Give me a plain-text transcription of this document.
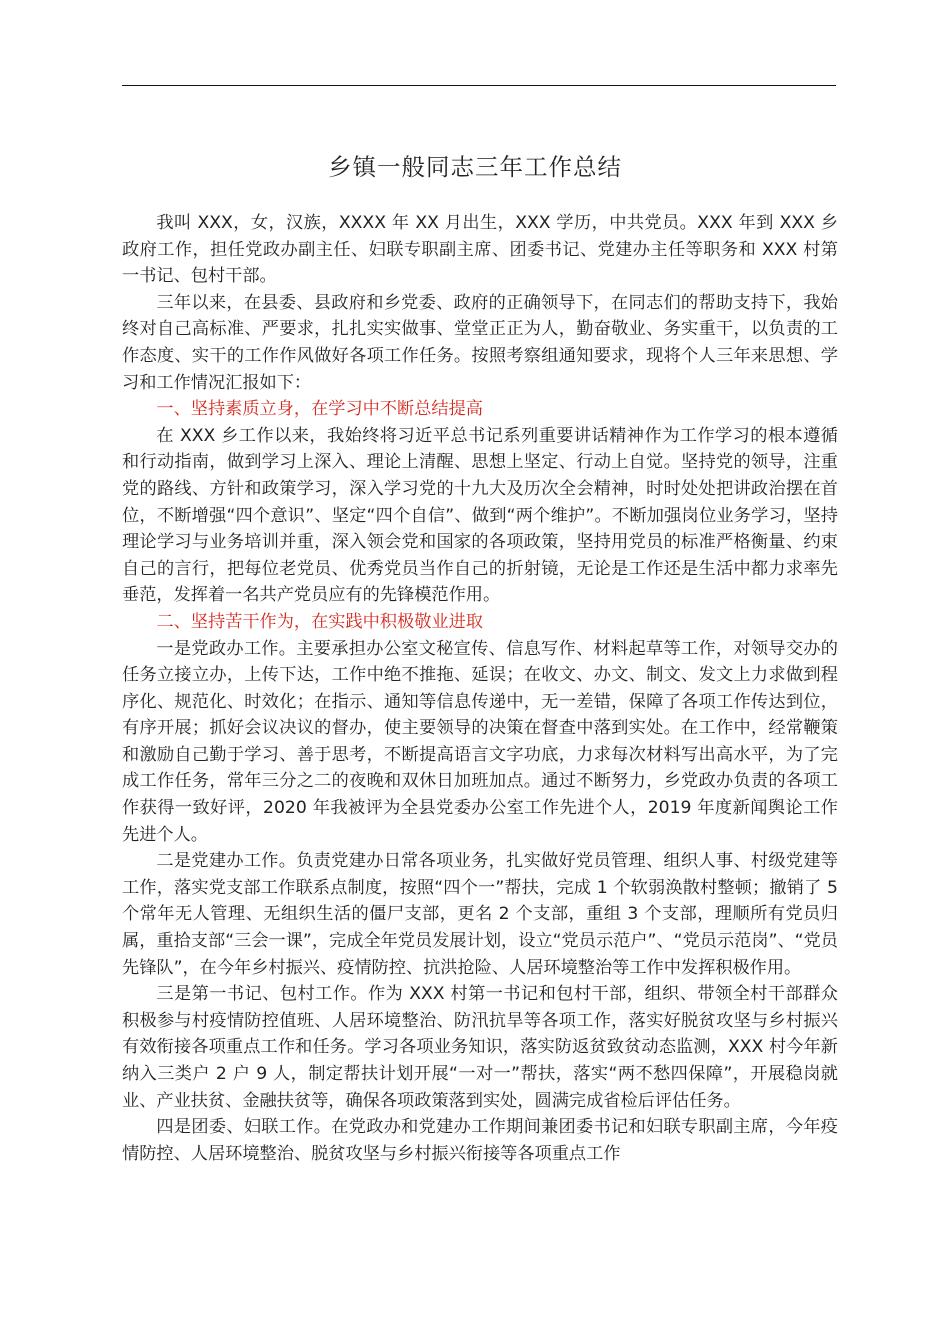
乡镇一般同志三年工作总结

我叫 XXX，女，汉族，XXXX 年 XX 月出生，XXX 学历，中共党员。XXX 年到 XXX 乡政府工作，担任党政办副主任、妇联专职副主席、团委书记、党建办主任等职务和 XXX 村第一书记、包村干部。

三年以来，在县委、县政府和乡党委、政府的正确领导下，在同志们的帮助支持下，我始终对自己高标准、严要求，扎扎实实做事、堂堂正正为人，勤奋敬业、务实重干，以负责的工作态度、实干的工作作风做好各项工作任务。按照考察组通知要求，现将个人三年来思想、学习和工作情况汇报如下：

一、坚持素质立身，在学习中不断总结提高

在 XXX 乡工作以来，我始终将习近平总书记系列重要讲话精神作为工作学习的根本遵循和行动指南，做到学习上深入、理论上清醒、思想上坚定、行动上自觉。坚持党的领导，注重党的路线、方针和政策学习，深入学习党的十九大及历次全会精神，时时处处把讲政治摆在首位，不断增强“四个意识”、坚定“四个自信”、做到“两个维护”。不断加强岗位业务学习，坚持理论学习与业务培训并重，深入领会党和国家的各项政策，坚持用党员的标准严格衡量、约束自己的言行，把每位老党员、优秀党员当作自己的折射镜，无论是工作还是生活中都力求率先垂范，发挥着一名共产党员应有的先锋模范作用。

二、坚持苦干作为，在实践中积极敬业进取

一是党政办工作。主要承担办公室文秘宣传、信息写作、材料起草等工作，对领导交办的任务立接立办，上传下达，工作中绝不推拖、延误；在收文、办文、制文、发文上力求做到程序化、规范化、时效化；在指示、通知等信息传递中，无一差错，保障了各项工作传达到位，有序开展；抓好会议决议的督办，使主要领导的决策在督查中落到实处。在工作中，经常鞭策和激励自己勤于学习、善于思考，不断提高语言文字功底，力求每次材料写出高水平，为了完成工作任务，常年三分之二的夜晚和双休日加班加点。通过不断努力，乡党政办负责的各项工作获得一致好评，2020 年我被评为全县党委办公室工作先进个人，2019 年度新闻舆论工作先进个人。

二是党建办工作。负责党建办日常各项业务，扎实做好党员管理、组织人事、村级党建等工作，落实党支部工作联系点制度，按照“四个一”帮扶，完成 1 个软弱涣散村整顿；撤销了 5 个常年无人管理、无组织生活的僵尸支部，更名 2 个支部，重组 3 个支部，理顺所有党员归属，重拾支部“三会一课”，完成全年党员发展计划，设立“党员示范户”、“党员示范岗”、“党员先锋队”，在今年乡村振兴、疫情防控、抗洪抢险、人居环境整治等工作中发挥积极作用。

三是第一书记、包村工作。作为 XXX 村第一书记和包村干部，组织、带领全村干部群众积极参与村疫情防控值班、人居环境整治、防汛抗旱等各项工作，落实好脱贫攻坚与乡村振兴有效衔接各项重点工作和任务。学习各项业务知识，落实防返贫致贫动态监测，XXX 村今年新纳入三类户 2 户 9 人，制定帮扶计划开展“一对一”帮扶，落实“两不愁四保障”，开展稳岗就业、产业扶贫、金融扶贫等，确保各项政策落到实处，圆满完成省检后评估任务。

四是团委、妇联工作。在党政办和党建办工作期间兼团委书记和妇联专职副主席，今年疫情防控、人居环境整治、脱贫攻坚与乡村振兴衔接等各项重点工作
